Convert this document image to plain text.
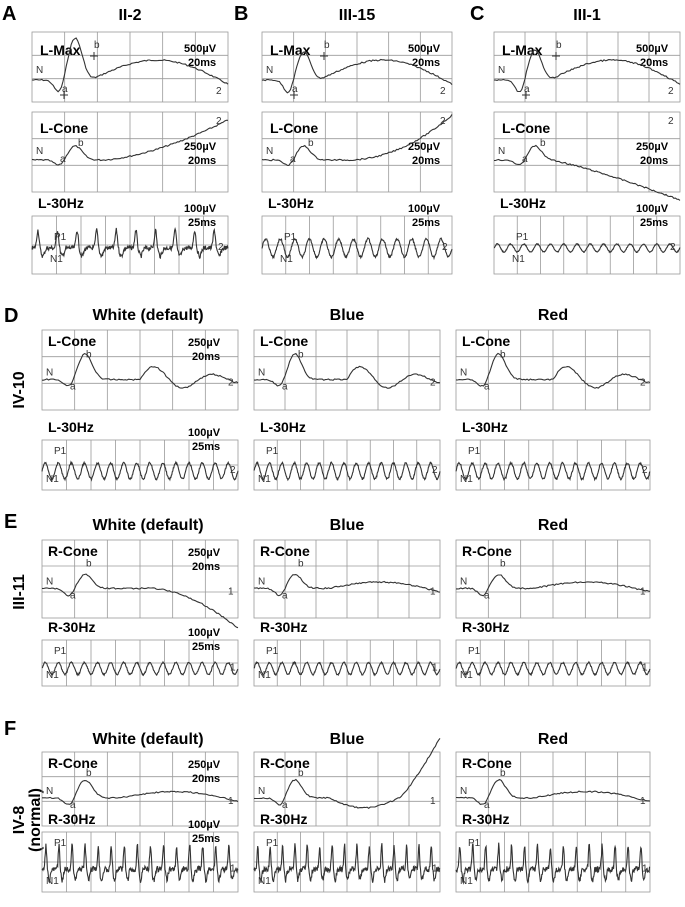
A	II-2
L-Max	500µV
20ms
N
a
b
2
L-Cone
250µV
20ms
N
a
b
2
L-30Hz	100µV
25ms
P1
N1
2
B	III-15
L-Max	500µV
20ms
N
a
b
2
L-Cone
250µV
20ms
N
a
b
2
L-30Hz	100µV
25ms
P1
N1
2
C	III-1
L-Max	500µV
20ms
N
a
b
2
L-Cone
250µV
20ms
N
a
b
2
L-30Hz	100µV
25ms
P1
N1
2
D
IV-10
White (default)
L-Cone	250µV
20ms
N
a
b
2
L-30Hz	100µV
25ms
P1
N1
2
Blue
L-Cone
N
a
b
2
L-30Hz
P1
N1
2
Red
L-Cone
N
a
b
2
L-30Hz
P1
N1
2
E
III-11
White (default)
R-Cone	250µV
20ms
N
a
b
1
R-30Hz	100µV
25ms
P1
N1
1
Blue
R-Cone
N
a
b
1
R-30Hz
P1
N1
1
Red
R-Cone
N
a
b
1
R-30Hz
P1
N1
1
F
IV-8 (normal)
White (default)
R-Cone	250µV
20ms
N
a
b
1
R-30Hz	100µV
25ms
P1
N1
1
Blue
R-Cone
N
a
b
1
R-30Hz
P1
N1
1
Red
R-Cone
N
a
b
1
R-30Hz
P1
N1
1
